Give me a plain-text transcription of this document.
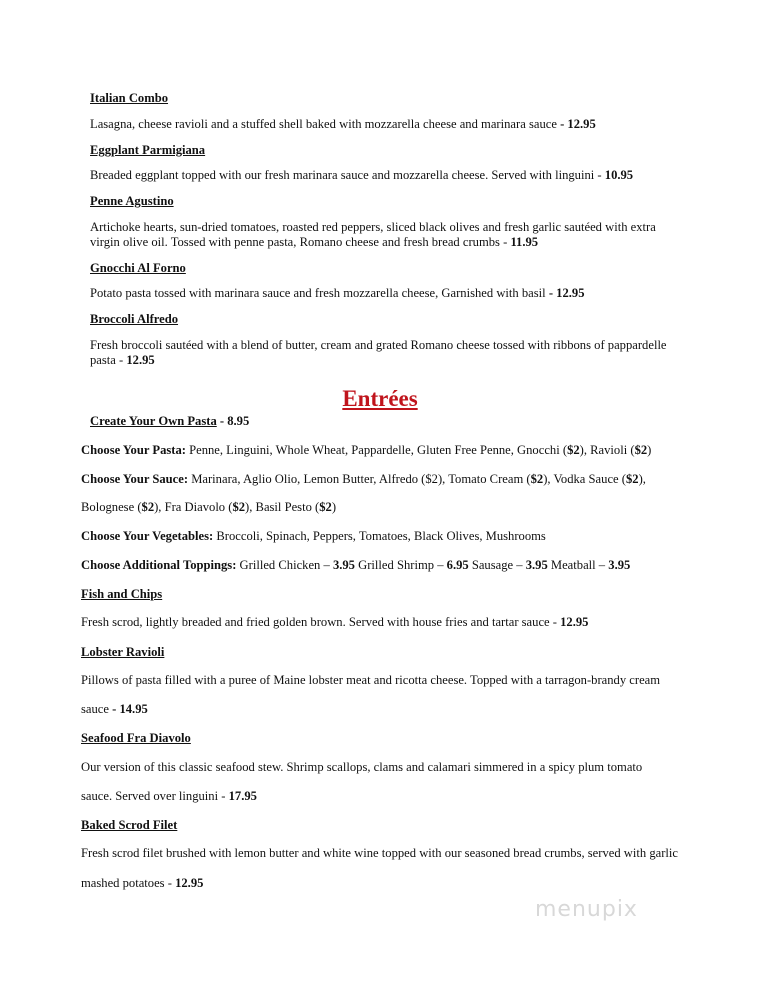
Entrées
menupix
Italian Combo
Lasagna, cheese ravioli and a stuffed shell baked with mozzarella cheese and marinara sauce - 12.95
Eggplant Parmigiana
Breaded eggplant topped with our fresh marinara sauce and mozzarella cheese. Served with linguini - 10.95
Penne Agustino
Artichoke hearts, sun-dried tomatoes, roasted red peppers, sliced black olives and fresh garlic sautéed with extra
virgin olive oil. Tossed with penne pasta, Romano cheese and fresh bread crumbs - 11.95
Gnocchi Al Forno
Potato pasta tossed with marinara sauce and fresh mozzarella cheese, Garnished with basil - 12.95
Broccoli Alfredo
Fresh broccoli sautéed with a blend of butter, cream and grated Romano cheese tossed with ribbons of pappardelle
pasta - 12.95
Create Your Own Pasta - 8.95
Choose Your Pasta: Penne, Linguini, Whole Wheat, Pappardelle, Gluten Free Penne, Gnocchi ($2), Ravioli ($2)
Choose Your Sauce: Marinara, Aglio Olio, Lemon Butter, Alfredo ($2), Tomato Cream ($2), Vodka Sauce ($2),
Bolognese ($2), Fra Diavolo ($2), Basil Pesto ($2)
Choose Your Vegetables: Broccoli, Spinach, Peppers, Tomatoes, Black Olives, Mushrooms
Choose Additional Toppings: Grilled Chicken – 3.95 Grilled Shrimp – 6.95 Sausage – 3.95 Meatball – 3.95
Fish and Chips
Fresh scrod, lightly breaded and fried golden brown. Served with house fries and tartar sauce - 12.95
Lobster Ravioli
Pillows of pasta filled with a puree of Maine lobster meat and ricotta cheese. Topped with a tarragon-brandy cream
sauce - 14.95
Seafood Fra Diavolo
Our version of this classic seafood stew. Shrimp scallops, clams and calamari simmered in a spicy plum tomato
sauce. Served over linguini - 17.95
Baked Scrod Filet
Fresh scrod filet brushed with lemon butter and white wine topped with our seasoned bread crumbs, served with garlic
mashed potatoes - 12.95
